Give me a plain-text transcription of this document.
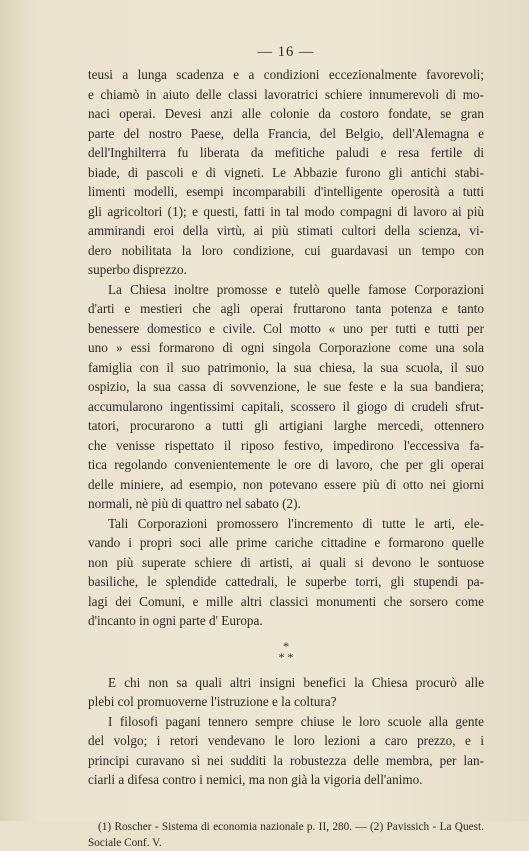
— 16 —

teusi a lunga scadenza e a condizioni eccezionalmente favorevoli;
e chiamò in aiuto delle classi lavoratrici schiere innumerevoli di mo-
naci operai. Devesi anzi alle colonie da costoro fondate, se gran
parte del nostro Paese, della Francia, del Belgio, dell'Alemagna e
dell'Inghilterra fu liberata da mefitiche paludi e resa fertile di
biade, di pascoli e di vigneti. Le Abbazie furono gli antichi stabi-
limenti modelli, esempi incomparabili d'intelligente operosità a tutti
gli agricoltori (1); e questi, fatti in tal modo compagni di lavoro ai più
ammirandi eroi della virtù, ai più stimati cultori della scienza, vi-
dero nobilitata la loro condizione, cui guardavasi un tempo con
superbo disprezzo.

La Chiesa inoltre promosse e tutelò quelle famose Corporazioni
d'arti e mestieri che agli operai fruttarono tanta potenza e tanto
benessere domestico e civile. Col motto « uno per tutti e tutti per
uno » essi formarono di ogni singola Corporazione come una sola
famiglia con il suo patrimonio, la sua chiesa, la sua scuola, il suo
ospizio, la sua cassa di sovvenzione, le sue feste e la sua bandiera;
accumularono ingentissimi capitali, scossero il giogo di crudeli sfrut-
tatori, procurarono a tutti gli artigiani larghe mercedi, ottennero
che venisse rispettato il riposo festivo, impedirono l'eccessiva fa-
tica regolando convenientemente le ore di lavoro, che per gli operai
delle miniere, ad esempio, non potevano essere più di otto nei giorni
normali, nè più di quattro nel sabato (2).

Tali Corporazioni promossero l'incremento di tutte le arti, ele-
vando i propri soci alle prime cariche cittadine e formarono quelle
non più superate schiere di artisti, ai quali si devono le sontuose
basiliche, le splendide cattedrali, le superbe torri, gli stupendi pa-
lagi dei Comuni, e mille altri classici monumenti che sorsero come
d'incanto in ogni parte d' Europa.

*
* *

E chi non sa quali altri insigni benefici la Chiesa procurò alle
plebi col promuoverne l'istruzione e la coltura?

I filosofi pagani tennero sempre chiuse le loro scuole alla gente
del volgo; i retori vendevano le loro lezioni a caro prezzo, e i
principi curavano sì nei sudditi la robustezza delle membra, per lan-
ciarli a difesa contro i nemici, ma non già la vigoria dell'animo.

(1) Roscher - Sistema di economia nazionale p. II, 280. — (2) Pavissich - La Quest.
Sociale Conf. V.
